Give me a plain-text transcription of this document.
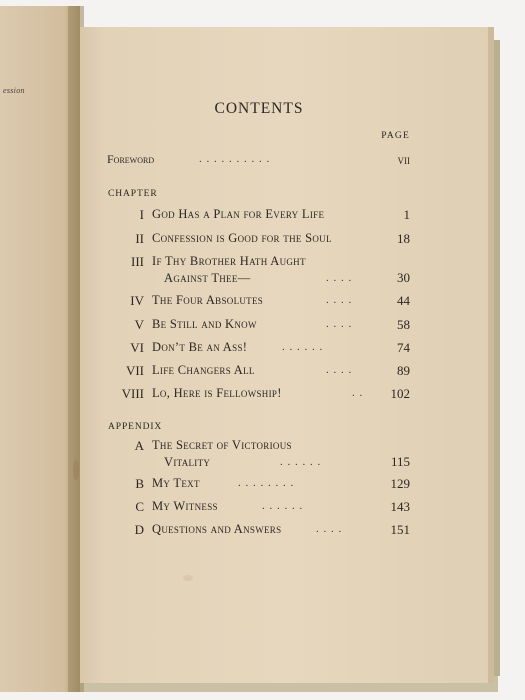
ession
CONTENTS
PAGE
Foreword	. . . . . . . . . .	vii
CHAPTER
I God Has a Plan for Every Life	1
II Confession is Good for the Soul	18
III If Thy Brother Hath Aught
Against Thee—	. . . .	30
IV The Four Absolutes	. . . .	44
V Be Still and Know	. . . .	58
VI Don’t Be an Ass!	. . . . . .	74
VII Life Changers All	. . . .	89
VIII Lo, Here is Fellowship!	. . 102
APPENDIX
A The Secret of Victorious
Vitality	. . . . . .	115
B My Text	. . . . . . . .	129
C My Witness	. . . . . .	143
D Questions and Answers	. . . .	151
